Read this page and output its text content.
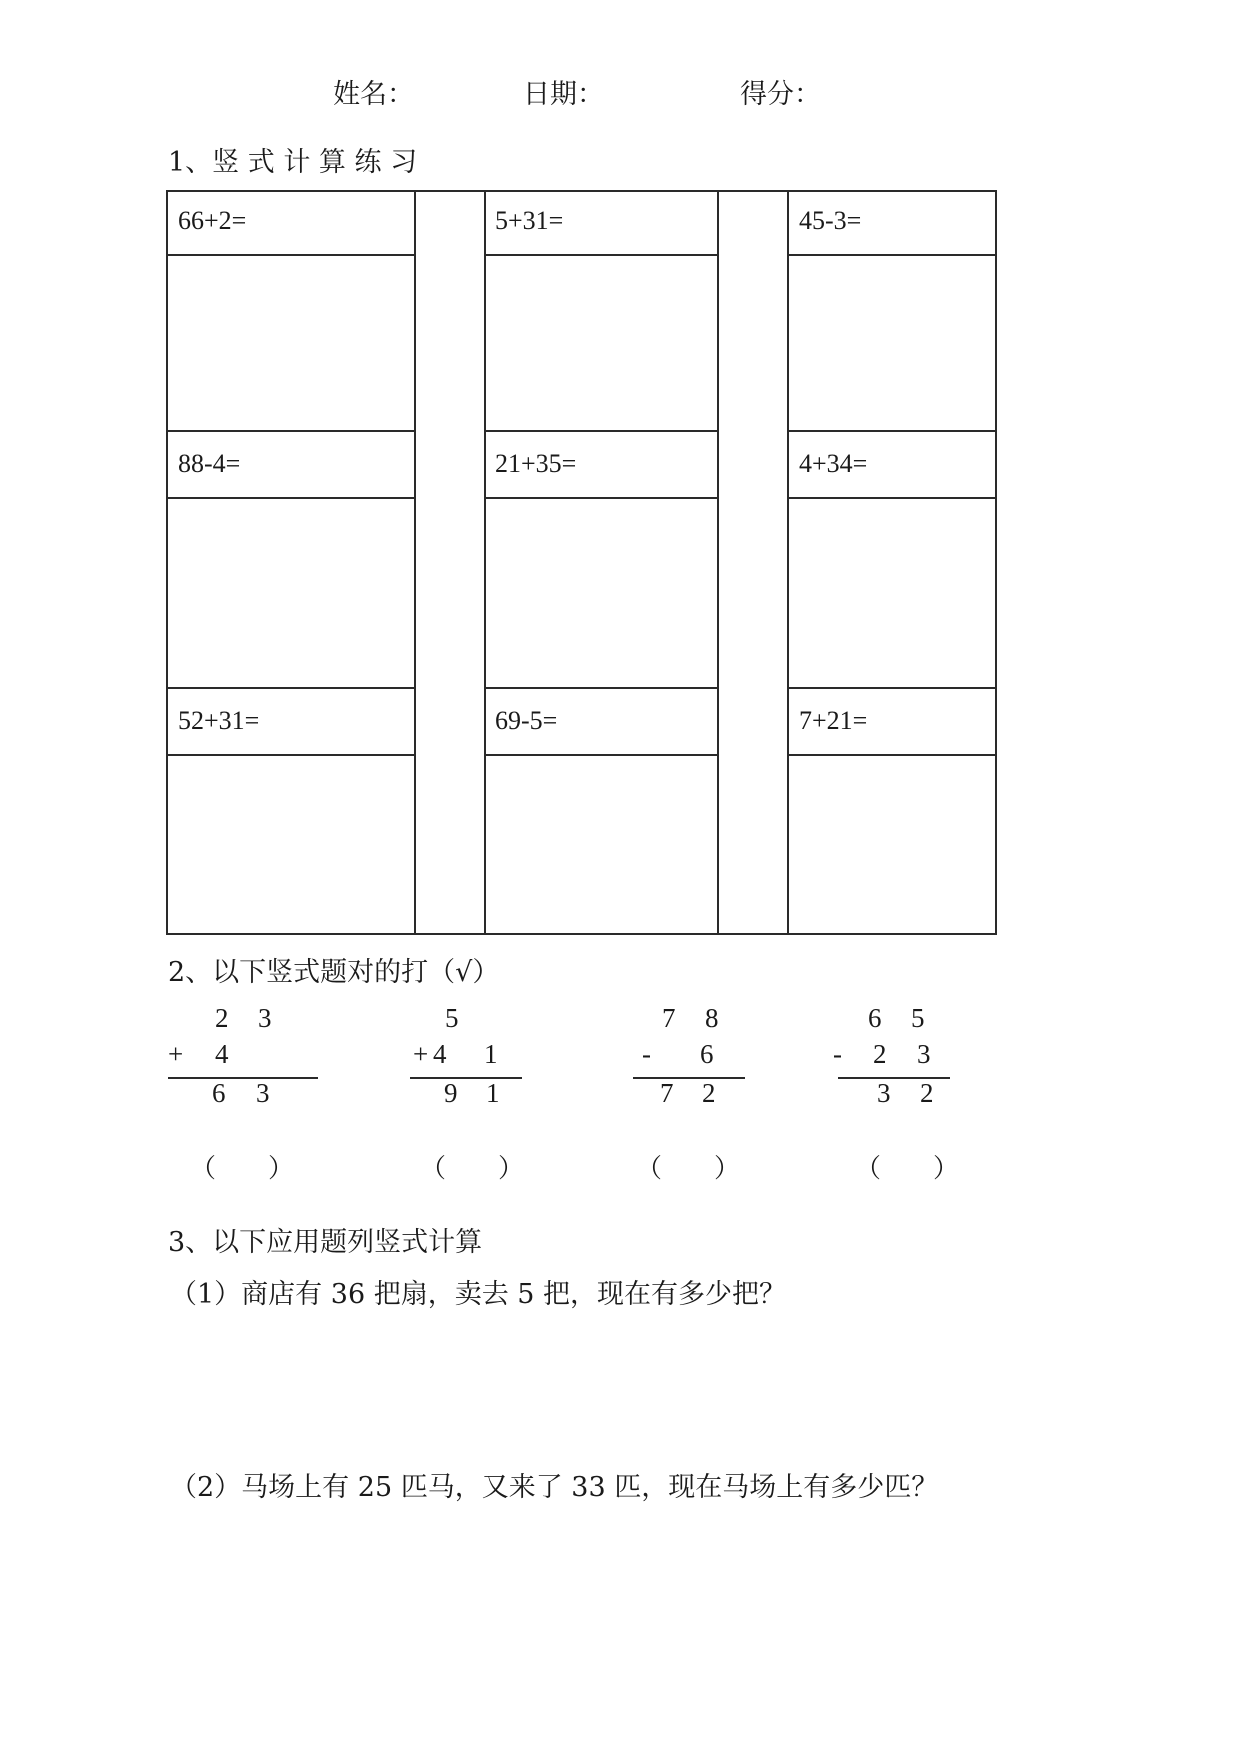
姓名：	日期：	得分：
1、竖 式 计 算 练 习
66+2=	5+31=	45-3=
88-4=	21+35=	4+34=
52+31=	69-5=	7+21=
2、以下竖式题对的打（√）
2 3
+ 4
6 3
（　　）
5
+ 4 1
9 1
（　　）
7 8
- 6
7 2
（　　）
6 5
- 2 3
3 2
（　　）
3、以下应用题列竖式计算
（1）商店有 36 把扇，卖去 5 把，现在有多少把？
（2）马场上有 25 匹马，又来了 33 匹，现在马场上有多少匹？
